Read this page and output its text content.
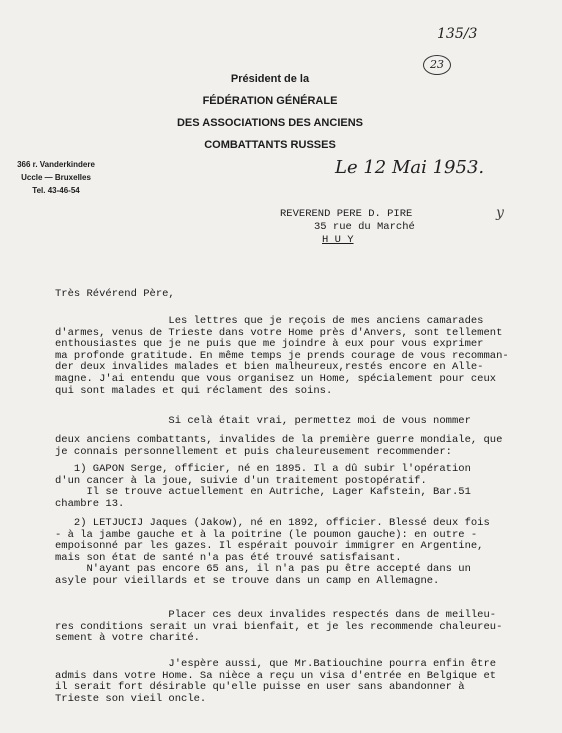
135/3
23
Président de la
FÉDÉRATION GÉNÉRALE
DES ASSOCIATIONS DES ANCIENS
COMBATTANTS RUSSES
366 r. Vanderkindere
Uccle — Bruxelles
Tel. 43-46-54
Le 12 Mai 1953.
REVEREND PERE D. PIRE
35 rue du Marché
H U Y
y
Très Révérend Père,
Les lettres que je reçois de mes anciens camarades
d'armes, venus de Trieste dans votre Home près d'Anvers, sont tellement
enthousiastes que je ne puis que me joindre à eux pour vous exprimer
ma profonde gratitude. En même temps je prends courage de vous recomman-
der deux invalides malades et bien malheureux,restés encore en Alle-
magne. J'ai entendu que vous organisez un Home, spécialement pour ceux
qui sont malades et qui réclament des soins.
Si celà était vrai, permettez moi de vous nommer
deux anciens combattants, invalides de la première guerre mondiale, que
je connais personnellement et puis chaleureusement recommender:
1) GAPON Serge, officier, né en 1895. Il a dû subir l'opération
d'un cancer à la joue, suivie d'un traitement postopératif.
Il se trouve actuellement en Autriche, Lager Kafstein, Bar.51
chambre 13.
2) LETJUCIJ Jaques (Jakow), né en 1892, officier. Blessé deux fois
- à la jambe gauche et à la poitrine (le poumon gauche): en outre -
empoisonné par les gazes. Il espérait pouvoir immigrer en Argentine,
mais son état de santé n'a pas été trouvé satisfaisant.
N'ayant pas encore 65 ans, il n'a pas pu être accepté dans un
asyle pour vieillards et se trouve dans un camp en Allemagne.
Placer ces deux invalides respectés dans de meilleu-
res conditions serait un vrai bienfait, et je les recommende chaleureu-
sement à votre charité.
J'espère aussi, que Mr.Batiouchine pourra enfin être
admis dans votre Home. Sa nièce a reçu un visa d'entrée en Belgique et
il serait fort désirable qu'elle puisse en user sans abandonner à
Trieste son vieil oncle.
